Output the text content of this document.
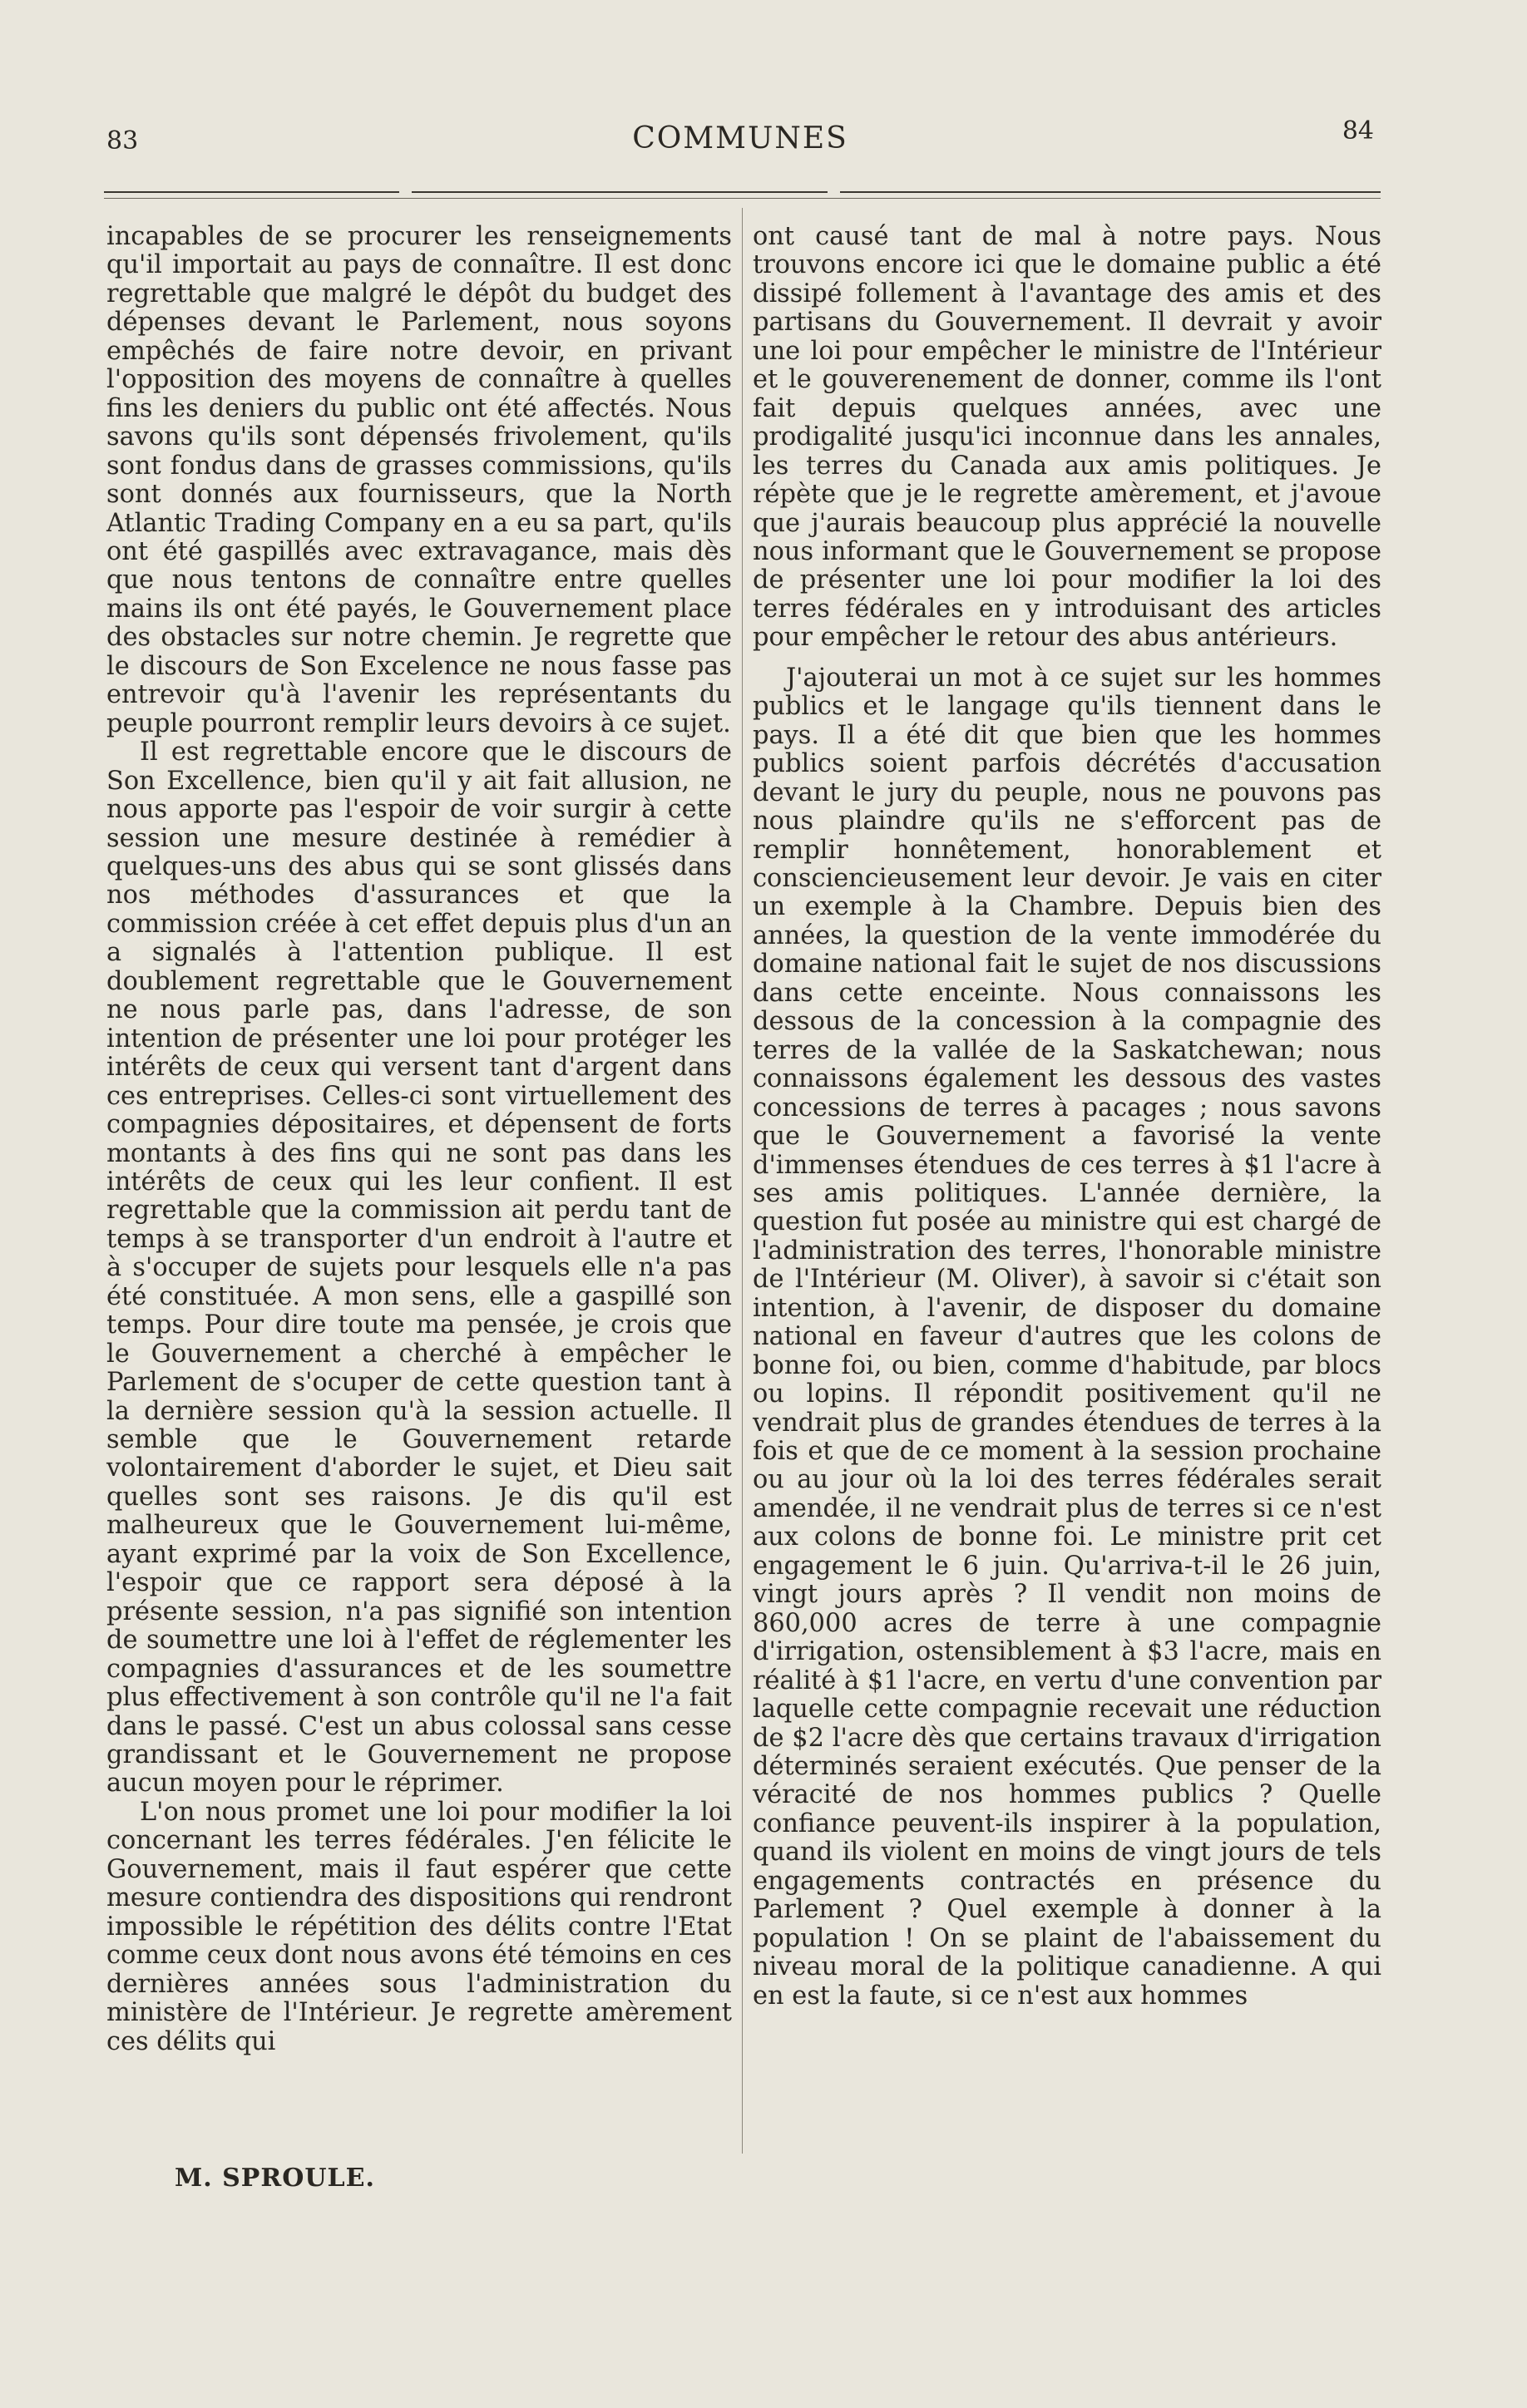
83	COMMUNES	84

incapables de se procurer les renseignements qu'il importait au pays de connaître. Il est donc regrettable que malgré le dépôt du budget des dépenses devant le Parlement, nous soyons empêchés de faire notre devoir, en privant l'opposition des moyens de connaître à quelles fins les deniers du public ont été affectés. Nous savons qu'ils sont dépensés frivolement, qu'ils sont fondus dans de grasses commissions, qu'ils sont donnés aux fournisseurs, que la North Atlantic Trading Company en a eu sa part, qu'ils ont été gaspillés avec extravagance, mais dès que nous tentons de connaître entre quelles mains ils ont été payés, le Gouvernement place des obstacles sur notre chemin. Je regrette que le discours de Son Excelence ne nous fasse pas entrevoir qu'à l'avenir les représentants du peuple pourront remplir leurs devoirs à ce sujet.

Il est regrettable encore que le discours de Son Excellence, bien qu'il y ait fait allusion, ne nous apporte pas l'espoir de voir surgir à cette session une mesure destinée à remédier à quelques-uns des abus qui se sont glissés dans nos méthodes d'assurances et que la commission créée à cet effet depuis plus d'un an a signalés à l'attention publique. Il est doublement regrettable que le Gouvernement ne nous parle pas, dans l'adresse, de son intention de présenter une loi pour protéger les intérêts de ceux qui versent tant d'argent dans ces entreprises. Celles-ci sont virtuellement des compagnies dépositaires, et dépensent de forts montants à des fins qui ne sont pas dans les intérêts de ceux qui les leur confient. Il est regrettable que la commission ait perdu tant de temps à se transporter d'un endroit à l'autre et à s'occuper de sujets pour lesquels elle n'a pas été constituée. A mon sens, elle a gaspillé son temps. Pour dire toute ma pensée, je crois que le Gouvernement a cherché à empêcher le Parlement de s'ocuper de cette question tant à la dernière session qu'à la session actuelle. Il semble que le Gouvernement retarde volontairement d'aborder le sujet, et Dieu sait quelles sont ses raisons. Je dis qu'il est malheureux que le Gouvernement lui-même, ayant exprimé par la voix de Son Excellence, l'espoir que ce rapport sera déposé à la présente session, n'a pas signifié son intention de soumettre une loi à l'effet de réglementer les compagnies d'assurances et de les soumettre plus effectivement à son contrôle qu'il ne l'a fait dans le passé. C'est un abus colossal sans cesse grandissant et le Gouvernement ne propose aucun moyen pour le réprimer.

L'on nous promet une loi pour modifier la loi concernant les terres fédérales. J'en félicite le Gouvernement, mais il faut espérer que cette mesure contiendra des dispositions qui rendront impossible le répétition des délits contre l'Etat comme ceux dont nous avons été témoins en ces dernières années sous l'administration du ministère de l'Intérieur. Je regrette amèrement ces délits qui

M. SPROULE.

ont causé tant de mal à notre pays. Nous trouvons encore ici que le domaine public a été dissipé follement à l'avantage des amis et des partisans du Gouvernement. Il devrait y avoir une loi pour empêcher le ministre de l'Intérieur et le gouverenement de donner, comme ils l'ont fait depuis quelques années, avec une prodigalité jusqu'ici inconnue dans les annales, les terres du Canada aux amis politiques. Je répète que je le regrette amèrement, et j'avoue que j'aurais beaucoup plus apprécié la nouvelle nous informant que le Gouvernement se propose de présenter une loi pour modifier la loi des terres fédérales en y introduisant des articles pour empêcher le retour des abus antérieurs.

J'ajouterai un mot à ce sujet sur les hommes publics et le langage qu'ils tiennent dans le pays. Il a été dit que bien que les hommes publics soient parfois décrétés d'accusation devant le jury du peuple, nous ne pouvons pas nous plaindre qu'ils ne s'efforcent pas de remplir honnêtement, honorablement et consciencieusement leur devoir. Je vais en citer un exemple à la Chambre. Depuis bien des années, la question de la vente immodérée du domaine national fait le sujet de nos discussions dans cette enceinte. Nous connaissons les dessous de la concession à la compagnie des terres de la vallée de la Saskatchewan; nous connaissons également les dessous des vastes concessions de terres à pacages ; nous savons que le Gouvernement a favorisé la vente d'immenses étendues de ces terres à $1 l'acre à ses amis politiques. L'année dernière, la question fut posée au ministre qui est chargé de l'administration des terres, l'honorable ministre de l'Intérieur (M. Oliver), à savoir si c'était son intention, à l'avenir, de disposer du domaine national en faveur d'autres que les colons de bonne foi, ou bien, comme d'habitude, par blocs ou lopins. Il répondit positivement qu'il ne vendrait plus de grandes étendues de terres à la fois et que de ce moment à la session prochaine ou au jour où la loi des terres fédérales serait amendée, il ne vendrait plus de terres si ce n'est aux colons de bonne foi. Le ministre prit cet engagement le 6 juin. Qu'arriva-t-il le 26 juin, vingt jours après ? Il vendit non moins de 860,000 acres de terre à une compagnie d'irrigation, ostensiblement à $3 l'acre, mais en réalité à $1 l'acre, en vertu d'une convention par laquelle cette compagnie recevait une réduction de $2 l'acre dès que certains travaux d'irrigation déterminés seraient exécutés. Que penser de la véracité de nos hommes publics ? Quelle confiance peuvent-ils inspirer à la population, quand ils violent en moins de vingt jours de tels engagements contractés en présence du Parlement ? Quel exemple à donner à la population ! On se plaint de l'abaissement du niveau moral de la politique canadienne. A qui en est la faute, si ce n'est aux hommes
